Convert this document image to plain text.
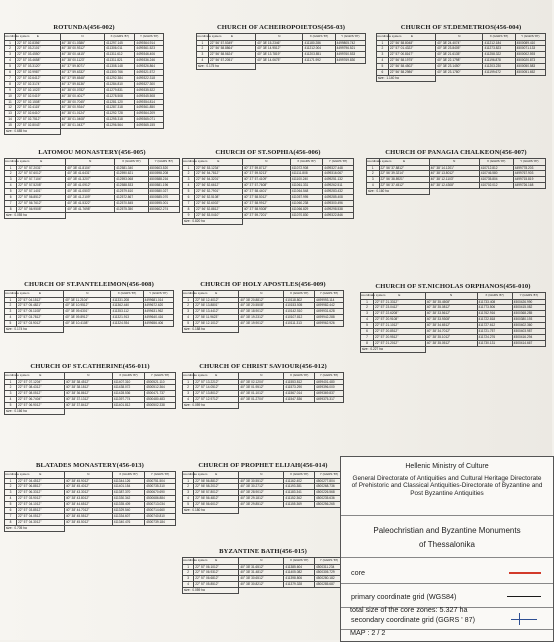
ROTUNDA(456-002)
coordinate system	E	N	X (GGRS '87)	Y (GGRS '87)
1	22° 57' 02.8356"	40° 38' 01.0386"	411297.145	4499364.914
2	22° 57' 03.2101"	40° 38' 00.9312"	411306.011	4499361.523
3	22° 57' 03.4550"	40° 38' 00.4415"	411311.612	4499346.406
4	22° 57' 03.4658"	40° 38' 00.1123"	411311.821	4499336.246
5	22° 57' 03.3120"	40° 37' 59.8071"	411308.148	4499326.864
6	22° 57' 02.9987"	40° 37' 59.6332"	411300.766	4499321.572
7	22° 57' 02.6412"	40° 37' 59.6548"	411292.384	4499322.318
8	22° 57' 02.3174"	40° 37' 59.8136"	411284.810	4499327.300
9	22° 57' 02.1023"	40° 38' 00.0782"	411279.831	4499335.522
10	22° 57' 02.0419"	40° 38' 00.4017"	411278.508	4499345.508
11	22° 57' 02.1508"	40° 38' 00.7045"	411281.120	4499354.814
12	22° 57' 02.4115"	40° 38' 00.9344"	411287.318	4499361.850
13	22° 57' 02.6410"	40° 38' 01.0124"	411292.728	4499364.209
14	22° 57' 02.7512"	40° 38' 01.0408"	411295.318	4499365.071
15	22° 57' 02.8043"	40° 38' 01.0437"	411296.564	4499365.155
size : 0.685 ha				
CHURCH OF ACHEIROPOIETOS(456-03)
coordinate system	E	N	X (GGRS '87)	Y (GGRS '87)
1	22° 56' 57.5349"	40° 38' 15.2346"	411180.286	4499805.742
2	22° 56' 58.8864"	40° 38' 14.9512"	411212.004	4499796.521
3	22° 56' 58.5624"	40° 38' 13.7819"	411203.851	4499760.533
4	22° 56' 57.2051"	40° 38' 14.0675"	411171.992	4499769.830
size : 0.175 ha				
CHURCH OF ST.DEMETRIOS(456-004)
coordinate system	E	N	X (GGRS '87)	Y (GGRS '87)
1	22° 56' 58.8048"	40° 38' 24.4074"	411212.184	4500089.410
2	22° 57' 01.4322"	40° 38' 23.8405"	411273.823	4500071.133
3	22° 57' 00.8167"	40° 38' 21.6135"	411258.322	4500002.593
4	22° 56' 58.1975"	40° 38' 22.1798"	411196.878	4500020.873
5	22° 56' 58.4502"	40° 38' 23.1450"	411203.230	4500050.583
6	22° 56' 58.2986"	40° 38' 23.1780"	411199.672	4500051.652
size : 1.140 ha				
LATOMOU MONASTERY(456-005)
coordinate system	E	N	X (GGRS '87)	Y (GGRS '87)
1	22° 57' 57.2031"	40° 38' 41.8104"	412581.340	4500603.520
2	22° 57' 57.6012"	40° 38' 41.6431"	412590.621	4500598.208
3	22° 57' 57.7104"	40° 38' 41.3207"	412593.068	4500588.216
4	22° 57' 57.5208"	40° 38' 41.0912"	412588.533	4500581.196
5	22° 57' 57.1401"	40° 38' 41.0503"	412579.610	4500580.027
6	22° 57' 56.8512"	40° 38' 41.2109"	412572.867	4500585.070
7	22° 57' 56.7612"	40° 38' 41.5322"	412570.845	4500595.001
8	22° 57' 56.9508"	40° 38' 41.7698"	412575.350	4500602.274
size : 0.055 ha				
CHURCH OF ST.SOPHIA(456-006)
coordinate system	E	N	X (GGRS '87)	Y (GGRS '87)
1	22° 56' 53.1234"	40° 37' 59.8712"	411072.908	4499327.448
2	22° 56' 54.7812"	40° 37' 59.5213"	411111.808	4499316.067
3	22° 56' 54.3201"	40° 37' 57.4109"	411100.240	4499251.132
4	22° 56' 52.6612"	40° 37' 57.7608"	411061.331	4499262.511
5	22° 56' 52.7901"	40° 37' 58.4401"	411064.548	4499283.432
6	22° 56' 52.5108"	40° 37' 58.5012"	411057.995	4499285.408
7	22° 56' 52.6002"	40° 37' 58.9912"	411060.238	4499300.496
8	22° 56' 52.8812"	40° 37' 58.9308"	411066.829	4499298.538
9	22° 56' 53.0410"	40° 37' 59.7201"	411070.830	4499322.846
size : 0.820 ha				
CHURCH OF PANAGIA CHALKEON(456-007)
coordinate system	E	N	X (GGRS '87)	Y (GGRS '87)
1	22° 56' 37.8812"	40° 38' 14.1201"	410712.812	4499778.203
2	22° 56' 39.3214"	40° 38' 13.8012"	410746.580	4499767.903
3	22° 56' 38.8921"	40° 38' 12.1103"	410735.804	4499715.819
4	22° 56' 37.4512"	40° 38' 12.4308"	410702.012	4499726.168
size : 0.160 ha				
CHURCH OF ST.PANTELEIMON(456-008)
coordinate system	E	N	X (GGRS '87)	Y (GGRS '87)
1	22° 57' 04.1512"	40° 38' 11.2104"	411331.208	4499681.014
2	22° 57' 05.4821"	40° 38' 10.9512"	411362.440	4499672.620
3	22° 57' 05.1108"	40° 38' 09.6301"	411353.112	4499631.962
4	22° 57' 03.7812"	40° 38' 09.8912"	411321.913	4499640.416
5	22° 57' 03.9012"	40° 38' 10.4108"	411324.934	4499656.406
size : 0.174 ha				
CHURCH OF HOLY APOSTLES(456-009)
coordinate system	E	N	X (GGRS '87)	Y (GGRS '87)
1	22° 56' 12.4012"	40° 38' 20.8812"	410118.802	4499993.114
2	22° 56' 13.8801"	40° 38' 20.5508"	410153.505	4499982.442
3	22° 56' 13.4412"	40° 38' 18.9012"	410142.510	4499931.628
4	22° 56' 11.9623"	40° 38' 19.2312"	410107.812	4499942.288
5	22° 56' 12.1012"	40° 38' 19.9012"	410111.313	4499962.926
size : 0.188 ha				
CHURCH OF ST.NICHOLAS ORPHANOS(456-010)
coordinate system	E	N	X (GGRS '87)	Y (GGRS '87)
1	22° 57' 21.3312"	40° 38' 35.4508"	411733.408	4500426.990
2	22° 57' 23.0412"	40° 38' 35.0812"	411773.506	4500415.082
3	22° 57' 22.6208"	40° 38' 33.5612"	411762.916	4500368.285
4	22° 57' 20.9108"	40° 38' 33.9308"	411722.818	4500380.193
5	22° 57' 21.1012"	40° 38' 34.6512"	411727.612	4500402.360
6	22° 57' 20.8512"	40° 38' 34.7012"	411721.757	4500403.987
7	22° 57' 20.9512"	40° 38' 35.1012"	411724.276	4500416.294
8	22° 57' 21.2012"	40° 38' 35.0512"	411730.131	4500414.667
size : 0.227 ha				
CHURCH OF ST.CATHERINE(456-011)
coordinate system	E	N	X (GGRS '87)	Y (GGRS '87)
1	22° 57' 07.1204"	40° 38' 38.4512"	411407.310	4500521.110
2	22° 57' 08.4312"	40° 38' 38.1812"	411438.072	4500512.364
3	22° 57' 08.0512"	40° 38' 36.8612"	411428.536	4500471.737
4	22° 57' 06.7404"	40° 38' 37.1312"	411397.774	4500480.483
5	22° 57' 06.9012"	40° 38' 37.8412"	411401.812	4500502.338
size : 0.166 ha				
CHURCH OF CHRIST SAVIOUR(456-012)
coordinate system	E	N	X (GGRS '87)	Y (GGRS '87)
1	22° 57' 13.2212"	40° 38' 02.1204"	411553.812	4499401.480
2	22° 57' 14.0512"	40° 38' 01.9512"	411573.290	4499396.000
3	22° 57' 13.8012"	40° 38' 01.1012"	411567.014	4499369.837
4	22° 57' 12.9712"	40° 38' 01.2704"	411547.536	4499375.317
size : 0.059 ha				
BLATADES MONASTERY(456-013)
coordinate system	E	N	X (GGRS '87)	Y (GGRS '87)
1	22° 57' 04.4512"	40° 38' 45.9012"	411344.126	4500751.504
2	22° 57' 06.8812"	40° 38' 45.4012"	411401.154	4500735.310
3	22° 57' 06.3312"	40° 38' 43.3012"	411387.370	4500670.690
4	22° 57' 03.9012"	40° 38' 43.8012"	411330.342	4500686.884
5	22° 57' 04.1012"	40° 38' 44.6512"	411335.409	4500713.034
6	22° 57' 03.8512"	40° 38' 44.7012"	411329.540	4500714.660
7	22° 57' 04.0512"	40° 38' 45.5512"	411334.607	4500740.810
8	22° 57' 04.3012"	40° 38' 45.5012"	411340.476	4500739.184
size : 0.705 ha				
CHURCH OF PROPHET ELIJAH(456-014)
coordinate system	E	N	X (GGRS '87)	Y (GGRS '87)
1	22° 56' 56.8812"	40° 38' 30.5512"	411162.402	4500277.804
2	22° 56' 58.2012"	40° 38' 30.2712"	411193.381	4500268.736
3	22° 56' 57.8012"	40° 38' 28.9012"	411183.341	4500226.568
4	22° 56' 56.4812"	40° 38' 29.1812"	411152.362	4500235.636
5	22° 56' 56.6012"	40° 38' 29.8512"	411155.369	4500256.265
size : 0.180 ha				
BYZANTINE BATH(456-015)
coordinate system	E	N	X (GGRS '87)	Y (GGRS '87)
1	22° 57' 06.1012"	40° 38' 31.6512"	411385.604	4500311.234
2	22° 57' 06.9312"	40° 38' 31.4812"	411405.082	4500305.729
3	22° 57' 06.6812"	40° 38' 30.6512"	411398.806	4500280.182
4	22° 57' 05.8512"	40° 38' 30.8212"	411379.328	4500285.687
size : 0.059 ha				
Hellenic Ministry of Culture
General Directorate of Antiquities and Cultural Heritage Directorate of Prehistoric and Classical Antiquities-Directorate of Byzantine and Post Byzantine Antiquities
Paleochristian and Byzantine Monuments
of Thessalonika
core
primary coordinate grid (WGS84)
secondary coordinate grid (GGRS ' 87)
total size of the core zones: 5.327 ha
MAP : 2 / 2
